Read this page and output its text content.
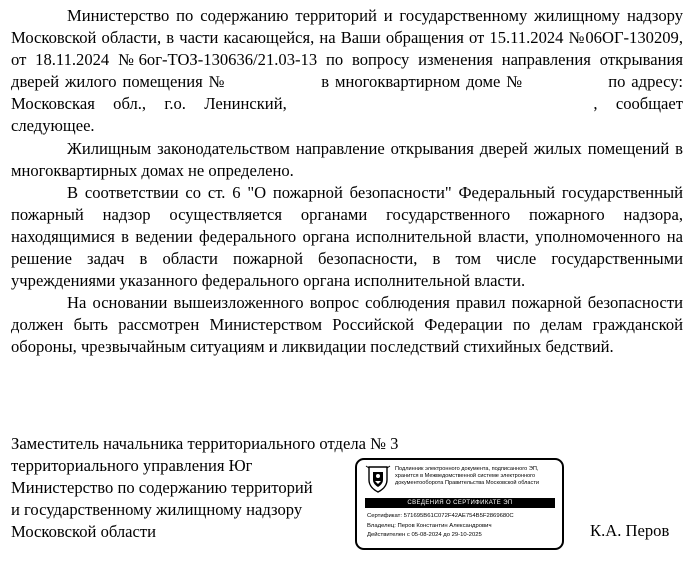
Министерство по содержанию территорий и государственному жилищному надзору Московской области, в части касающейся, на Ваши обращения от 15.11.2024 №06ОГ-130209, от 18.11.2024 №6ог-ТОЗ-130636/21.03-13 по вопросу изменения направления открывания дверей жилого помещения №	в многоквартирном доме №	по адресу: Московская обл., г.о. Ленинский,	, сообщает следующее.

Жилищным законодательством направление открывания дверей жилых помещений в многоквартирных домах не определено.

В соответствии со ст. 6 "О пожарной безопасности" Федеральный государственный пожарный надзор осуществляется органами государственного пожарного надзора, находящимися в ведении федерального органа исполнительной власти, уполномоченного на решение задач в области пожарной безопасности, в том числе государственными учреждениями указанного федерального органа исполнительной власти.

На основании вышеизложенного вопрос соблюдения правил пожарной безопасности должен быть рассмотрен Министерством Российской Федерации по делам гражданской обороны, чрезвычайным ситуациям и ликвидации последствий стихийных бедствий.

Заместитель начальника территориального отдела № 3
территориального управления Юг
Министерство по содержанию территорий
и государственному жилищному надзору
Московской области
Подлинник электронного документа, подписанного ЭП,
хранится в Межведомственной системе электронного
документооборота Правительства Московской области
СВЕДЕНИЯ О СЕРТИФИКАТЕ ЭП
Сертификат: 571695B61C072F42AE754B5F2869680C
Владелец: Перов Константин Александрович
Действителен с 05-08-2024 до 29-10-2025	К.А. Перов
